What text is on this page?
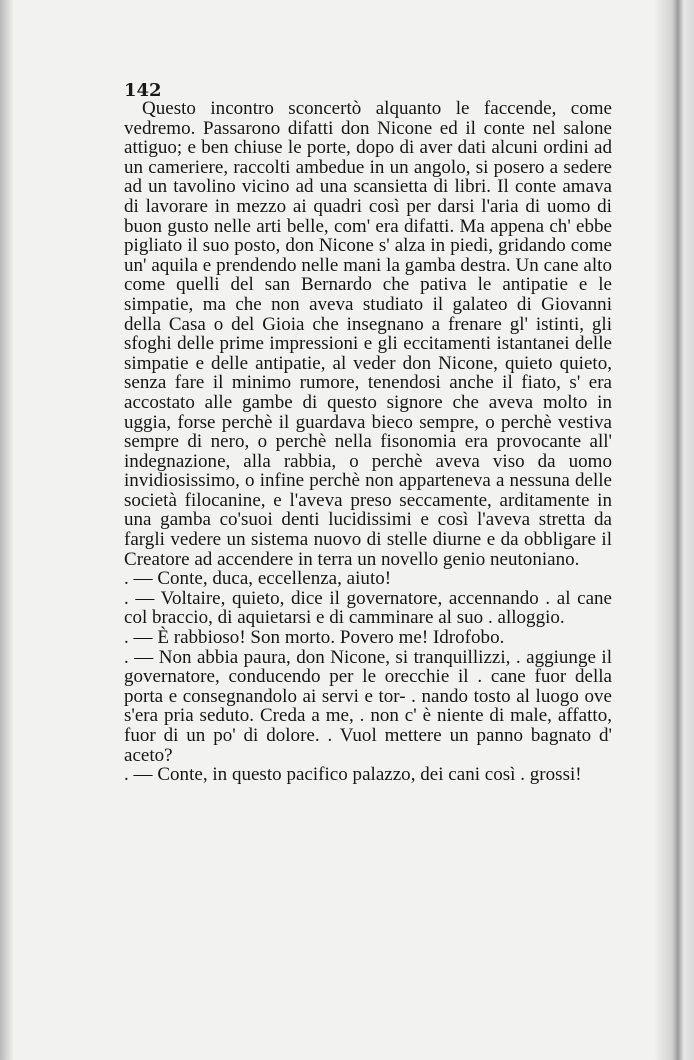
142

Questo incontro sconcertò alquanto le faccende, come vedremo. Passarono difatti don Nicone ed il conte nel salone attiguo; e ben chiuse le porte, dopo di aver dati alcuni ordini ad un cameriere, raccolti ambedue in un angolo, si posero a sedere ad un tavolino vicino ad una scansietta di libri. Il conte amava di lavorare in mezzo ai quadri così per darsi l'aria di uomo di buon gusto nelle arti belle, com' era difatti. Ma appena ch' ebbe pigliato il suo posto, don Nicone s' alza in piedi, gridando come un' aquila e prendendo nelle mani la gamba destra. Un cane alto come quelli del san Bernardo che pativa le antipatie e le simpatie, ma che non aveva studiato il galateo di Giovanni della Casa o del Gioia che insegnano a frenare gl' istinti, gli sfoghi delle prime impressioni e gli eccitamenti istantanei delle simpatie e delle antipatie, al veder don Nicone, quieto quieto, senza fare il minimo rumore, tenendosi anche il fiato, s' era accostato alle gambe di questo signore che aveva molto in uggia, forse perchè il guardava bieco sempre, o perchè vestiva sempre di nero, o perchè nella fisonomia era provocante all' indegnazione, alla rabbia, o perchè aveva viso da uomo invidiosissimo, o infine perchè non apparteneva a nessuna delle società filocanine, e l'aveva preso seccamente, arditamente in una gamba co'suoi denti lucidissimi e così l'aveva stretta da fargli vedere un sistema nuovo di stelle diurne e da obbligare il Creatore ad accendere in terra un novello genio neutoniano.

. — Conte, duca, eccellenza, aiuto!

. — Voltaire, quieto, dice il governatore, accennando . al cane col braccio, di aquietarsi e di camminare al suo . alloggio.

. — È rabbioso! Son morto. Povero me! Idrofobo.

. — Non abbia paura, don Nicone, si tranquillizzi, . aggiunge il governatore, conducendo per le orecchie il . cane fuor della porta e consegnandolo ai servi e tor- . nando tosto al luogo ove s'era pria seduto. Creda a me, . non c' è niente di male, affatto, fuor di un po' di dolore. . Vuol mettere un panno bagnato d' aceto?

. — Conte, in questo pacifico palazzo, dei cani così . grossi!
